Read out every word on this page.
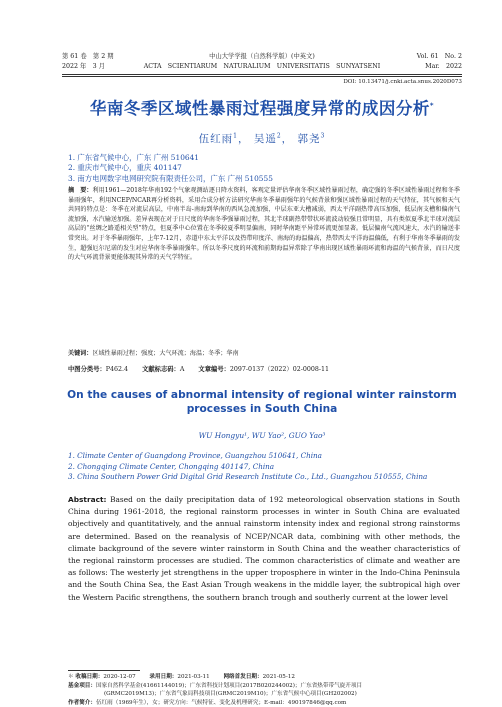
第 61 卷　第 2 期
2022 年　3 月
中山大学学报（自然科学版）(中英文)
ACTA　SCIENTIARUM　NATURALIUM　UNIVERSITATIS　SUNYATSENI
Vol. 61　No. 2
Mar.　2022
DOI: 10.13471/j.cnki.acta.snus.2020D073
华南冬季区域性暴雨过程强度异常的成因分析*
伍红雨$^1$， 吴遥$^2$， 郭尧$^3$
1. 广东省气候中心，广东 广州 510641
2. 重庆市气候中心，重庆 401147
3. 南方电网数字电网研究院有限责任公司，广东 广州 510555
摘　要：利用1961—2018年华南192个气象观测站逐日降水资料，客观定量评估华南冬季区域性暴雨过程，确定强的冬季区域性暴雨过程和冬季暴雨强年，利用NCEP/NCAR再分析资料，采用合成分析方法研究华南冬季暴雨强年的气候背景和强区域性暴雨过程的天气特征，其气候和天气共同的特点是：冬季在对流层高层，中南半岛-南海到华南的西风急流加强，中层东亚大槽减弱，西太平洋副热带高压加强，低层南支槽和偏南气流加强，水汽输送加强。差异表现在对于日尺度的华南冬季强暴雨过程，其北半球副热带带状环流波动较强且常明显，具有类似夏季北半球对流层高层的“丝绸之路遥相关型”特点，但夏季中心位置在冬季较夏季明显偏南，同时华南距平异常环流更加显著。低层偏南气流风速大，水汽的输送非常突出。对于冬季暴雨强年，上年7-12月，赤道中东太平洋以及热带印度洋、南海的海温偏高，热带西太平洋海温偏低，有利于华南冬季暴雨的发生，超强厄尔尼诺的发生对应华南冬季暴雨强年。所以冬季尺度的环流和前期海温异常除了华南出现区域性暴雨环流和海温的气候背景，而日尺度的大气环流背景更能体现其异常的天气学特征。
关键词：区域性暴雨过程；强度；大气环流；海温；冬季；华南
中图分类号：P462.4 文献标志码：A 文章编号：2097-0137（2022）02-0008-11
On the causes of abnormal intensity of regional winter rainstorm processes in South China
WU Hongyu¹, WU Yao², GUO Yao³
1. Climate Center of Guangdong Province, Guangzhou 510641, China
2. Chongqing Climate Center, Chongqing 401147, China
3. China Southern Power Grid Digital Grid Research Institute Co., Ltd., Guangzhou 510555, China
Abstract: Based on the daily precipitation data of 192 meteorological observation stations in South China during 1961-2018, the regional rainstorm processes in winter in South China are evaluated objectively and quantitatively, and the annual rainstorm intensity index and regional strong rainstorms are determined. Based on the reanalysis of NCEP/NCAR data, combining with other methods, the climate background of the severe winter rainstorm in South China and the weather characteristics of the regional rainstorm processes are studied. The common characteristics of climate and weather are as follows: The westerly jet strengthens in the upper troposphere in winter in the Indo-China Peninsula and the South China Sea, the East Asian Trough weakens in the middle layer, the subtropical high over the Western Pacific strengthens, the southern branch trough and southerly current at the lower level
＊ 收稿日期：2020-12-07 录用日期：2021-03-11 网络首发日期：2021-05-12
基金项目：国家自然科学基金(41661144019)；广东省科技计划项目(2017B020244002)；广东省热带带气旋开项目
(GRMC2019M13)；广东省气象局科技项目(GRMC2019M10)；广东省气候中心项目(GH202002)
作者简介：伍红雨（1969年生），女；研究方向：气候特征、变化及机理研究；E-mail：490197846@qq.com
